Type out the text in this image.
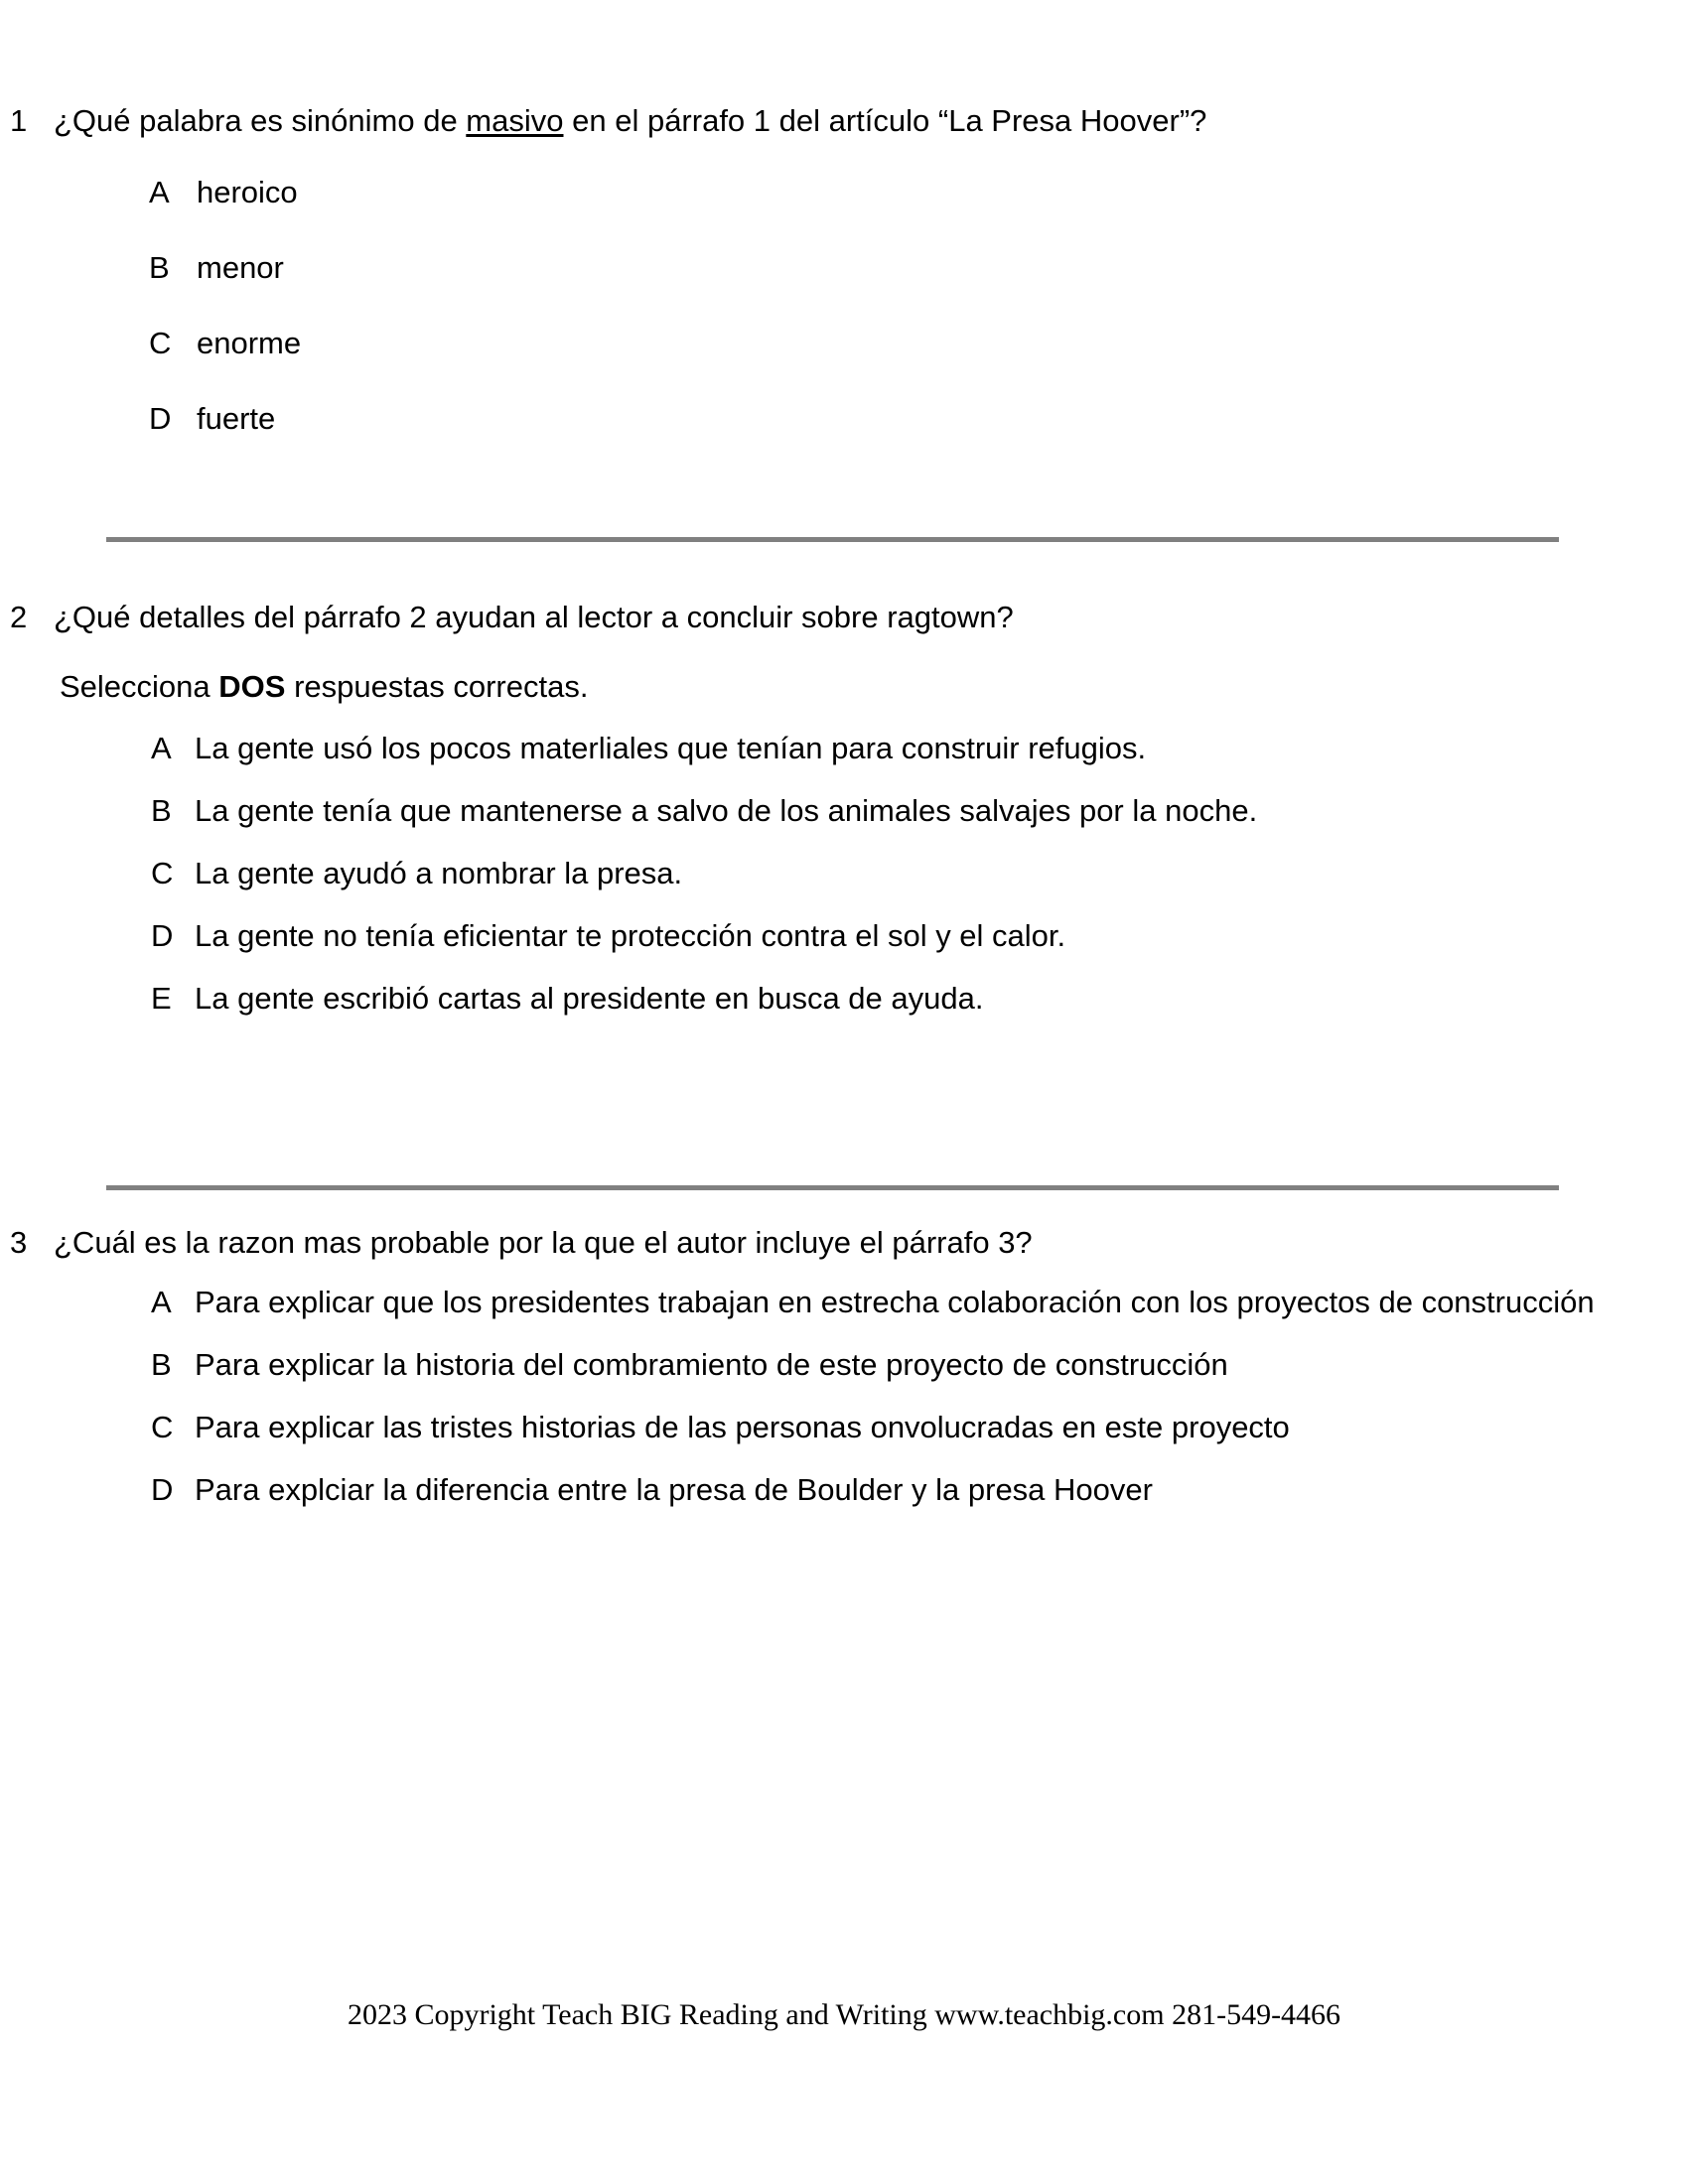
1 ¿Qué palabra es sinónimo de masivo en el párrafo 1 del artículo “La Presa Hoover”?
A heroico
B menor
C enorme
D fuerte
2 ¿Qué detalles del párrafo 2 ayudan al lector a concluir sobre ragtown?
Selecciona DOS respuestas correctas.
A La gente usó los pocos materliales que tenían para construir refugios.
B La gente tenía que mantenerse a salvo de los animales salvajes por la noche.
C La gente ayudó a nombrar la presa.
D La gente no tenía eficientar te protección contra el sol y el calor.
E La gente escribió cartas al presidente en busca de ayuda.
3 ¿Cuál es la razon mas probable por la que el autor incluye el párrafo 3?
A Para explicar que los presidentes trabajan en estrecha colaboración con los proyectos de construcción
B Para explicar la historia del combramiento de este proyecto de construcción
C Para explicar las tristes historias de las personas onvolucradas en este proyecto
D Para explciar la diferencia entre la presa de Boulder y la presa Hoover
2023 Copyright Teach BIG Reading and Writing www.teachbig.com 281-549-4466
